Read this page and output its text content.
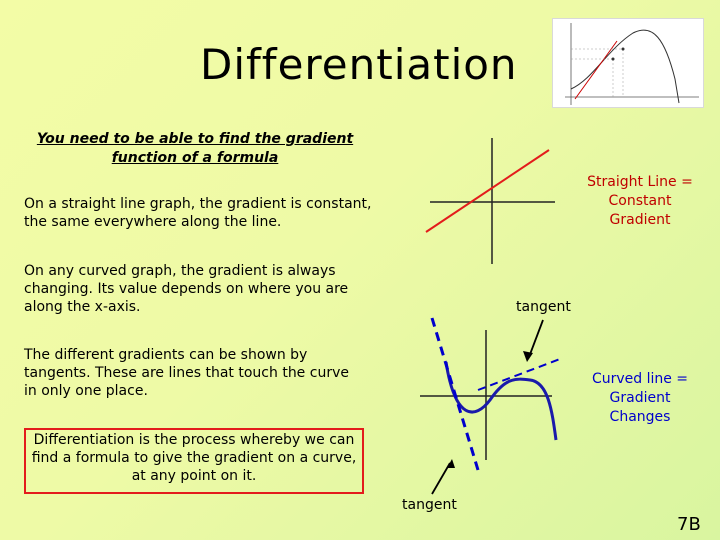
Differentiation
You need to be able to find the gradient function of a formula
On a straight line graph, the gradient is constant, the same everywhere along the line.
On any curved graph, the gradient is always changing. Its value depends on where you are along the x-axis.
The different gradients can be shown by tangents. These are lines that touch the curve in only one place.
Differentiation is the process whereby we can find a formula to give the gradient on a curve, at any point on it.
Straight Line = Constant Gradient
Curved line = Gradient Changes
tangent
tangent
7B
